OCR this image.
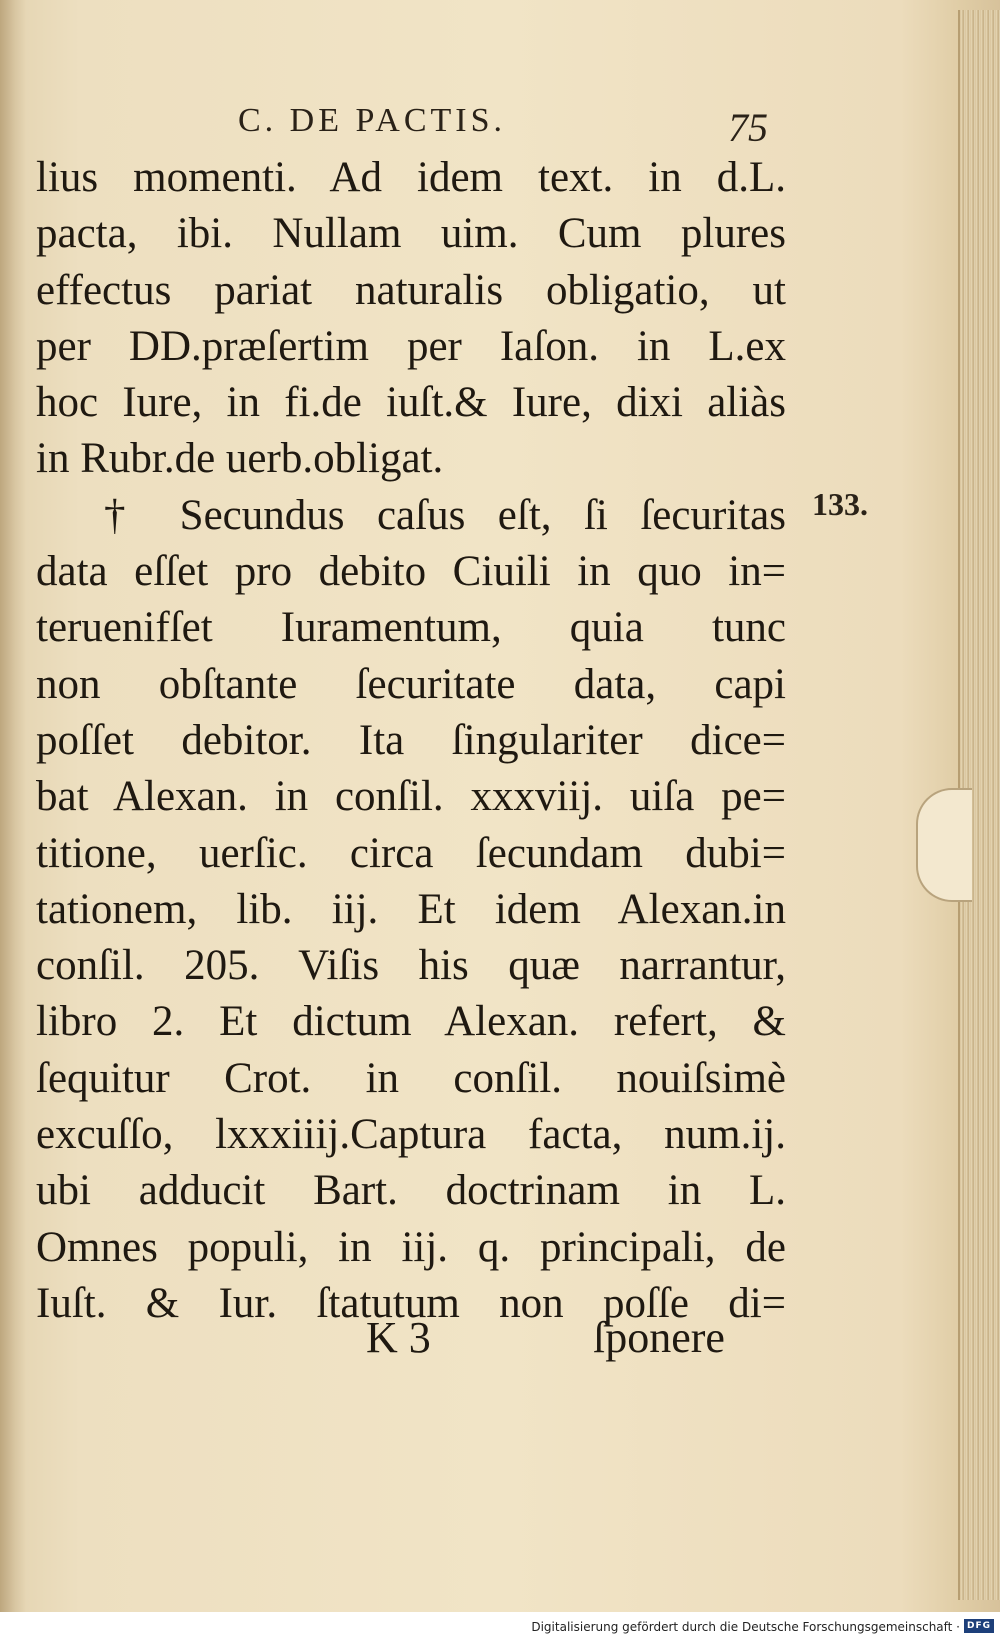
C. DE PACTIS.	75
lius momenti. Ad idem text. in d.L.
pacta, ibi. Nullam uim. Cum plures
effectus pariat naturalis obligatio, ut
per DD.præſertim per Iaſon. in L.ex
hoc Iure, in fi.de iuſt.& Iure, dixi aliàs
in Rubr.de uerb.obligat.
† Secundus caſus eſt, ſi ſecuritas
data eſſet pro debito Ciuili in quo in=
teruenifſet Iuramentum, quia tunc
non obſtante ſecuritate data, capi
poſſet debitor. Ita ſingulariter dice=
bat Alexan. in conſil. xxxviij. uiſa pe=
titione, uerſic. circa ſecundam dubi=
tationem, lib. iij. Et idem Alexan.in
conſil. 205. Viſis his quæ narrantur,
libro 2. Et dictum Alexan. refert, &
ſequitur Crot. in conſil. nouiſsimè
excuſſo, lxxxiiij.Captura facta, num.ij.
ubi adducit Bart. doctrinam in L.
Omnes populi, in iij. q. principali, de
Iuſt. & Iur. ſtatutum non poſſe di=
133.
K 3	ſponere
Digitalisierung gefördert durch die Deutsche Forschungsgemeinschaft · DFG
